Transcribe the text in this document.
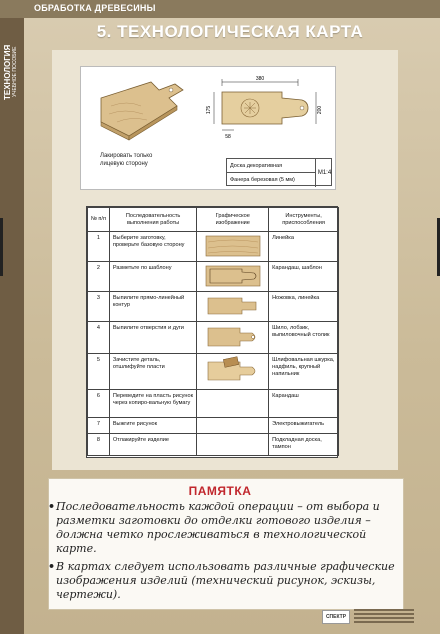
ОБРАБОТКА ДРЕВЕСИНЫ
ТЕХНОЛОГИЯ УЧЕБНОЕ ПОСОБИЕ
5. ТЕХНОЛОГИЧЕСКАЯ КАРТА
380
175	200
58
Лакировать только
лицевую сторону	Доска декоративная
Фанера березовая (5 мм)
М1:4
№ п/п	Последовательность выполнения работы	Графическое изображение	Инструменты, приспособления
1	Выберите заготовку, проверьте базовую сторону		Линейка
2	Разметьте по шаблону		Карандаш, шаблон
3	Выпилите прямо-линейный контур		Ножовка, линейка
4	Выпилите отверстия и дуги		Шило, лобзик, выпиловочный столик
5	Зачистите деталь, отшлифуйте пласти		Шлифовальная шкурка, надфиль, крупный напильник
6	Переведите на пласть рисунок через копиро-вальную бумагу		Карандаш
7	Выжгите рисунок		Электровыжигатель
8	Отлакируйте изделие		Подкладная доска, тампон
ПАМЯТКА
• Последовательность каждой операции – от выбора и разметки заготовки до отделки готового изделия – должна четко прослеживаться в технологической карте.
• В картах следует использовать различные графические изображения изделий (технический рисунок, эскизы, чертежи).
СПЕКТР
